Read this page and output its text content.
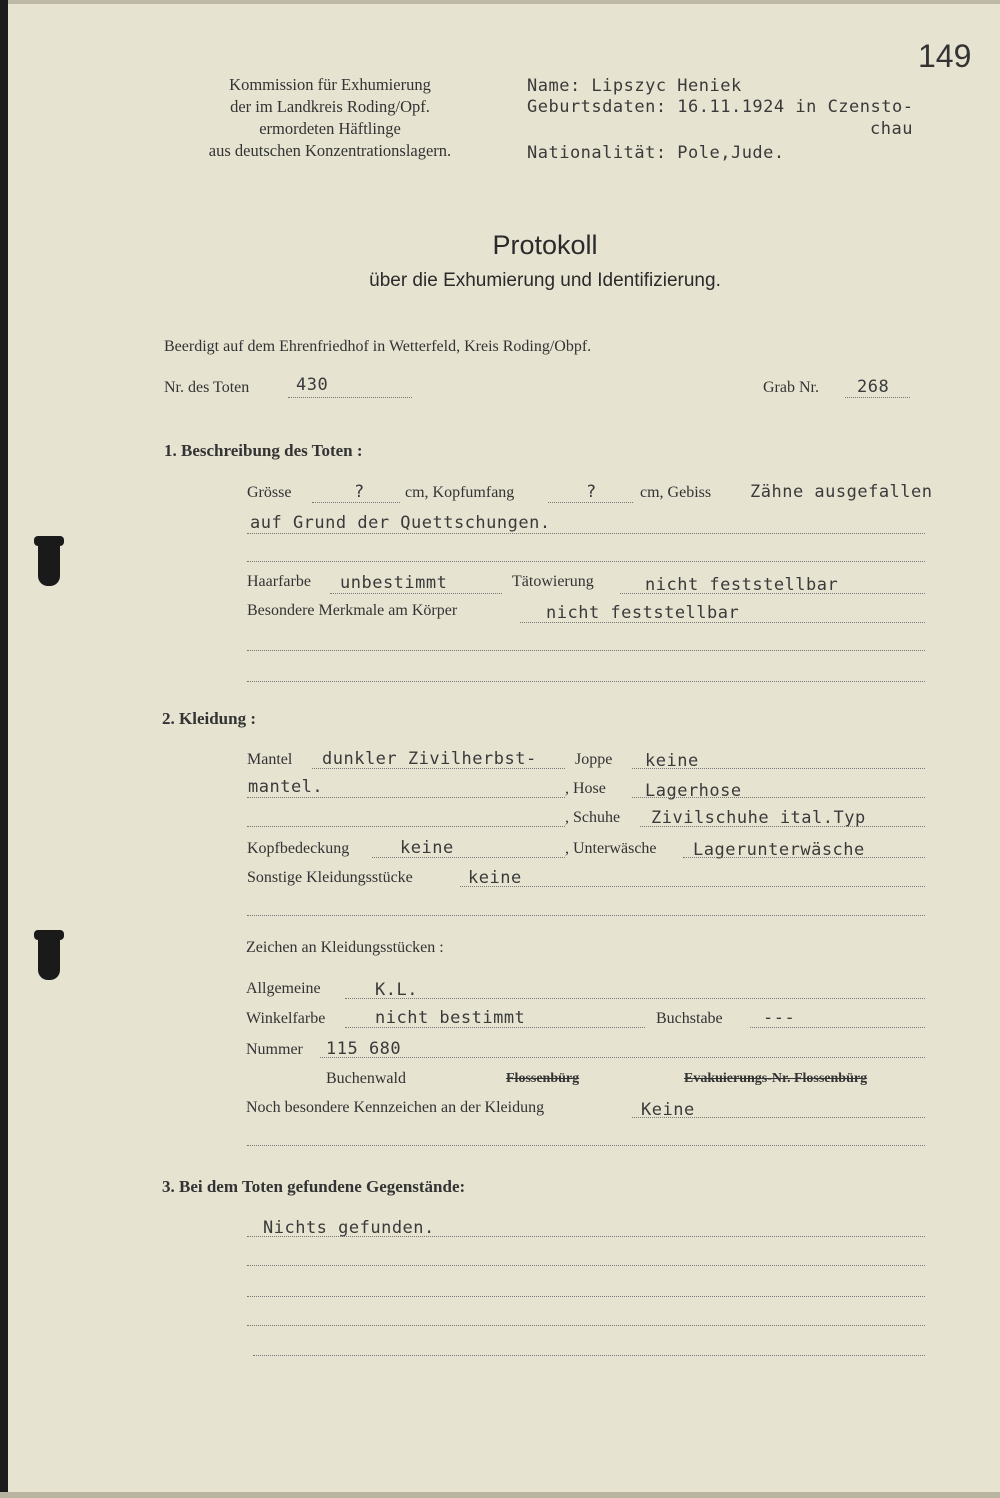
149
Kommission für Exhumierung
der im Landkreis Roding/Opf.
ermordeten Häftlinge
aus deutschen Konzentrationslagern.
Name: Lipszyc Heniek
Geburtsdaten: 16.11.1924 in Czensto-
chau
Nationalität: Pole,Jude.
Protokoll
über die Exhumierung und Identifizierung.
Beerdigt auf dem Ehrenfriedhof in Wetterfeld, Kreis Roding/Obpf.
Nr. des Toten	430	Grab Nr. 268
1. Beschreibung des Toten :
Grösse	?	cm, Kopfumfang	?	cm, Gebiss Zähne ausgefallen
auf Grund der Quettschungen.
Haarfarbe unbestimmt	Tätowierung	nicht feststellbar
Besondere Merkmale am Körper	nicht feststellbar
2. Kleidung :
Mantel dunkler Zivilherbst- Joppe keine
mantel.	, Hose Lagerhose
, Schuhe Zivilschuhe ital.Typ
Kopfbedeckung	keine	, Unterwäsche Lagerunterwäsche
Sonstige Kleidungsstücke	keine
Zeichen an Kleidungsstücken :
Allgemeine	K.L.
Winkelfarbe	nicht bestimmt	Buchstabe ---
Nummer 115 680
Buchenwald	Flossenbürg	Evakuierungs-Nr. Flossenbürg
Noch besondere Kennzeichen an der Kleidung	Keine
3. Bei dem Toten gefundene Gegenstände:
Nichts gefunden.
